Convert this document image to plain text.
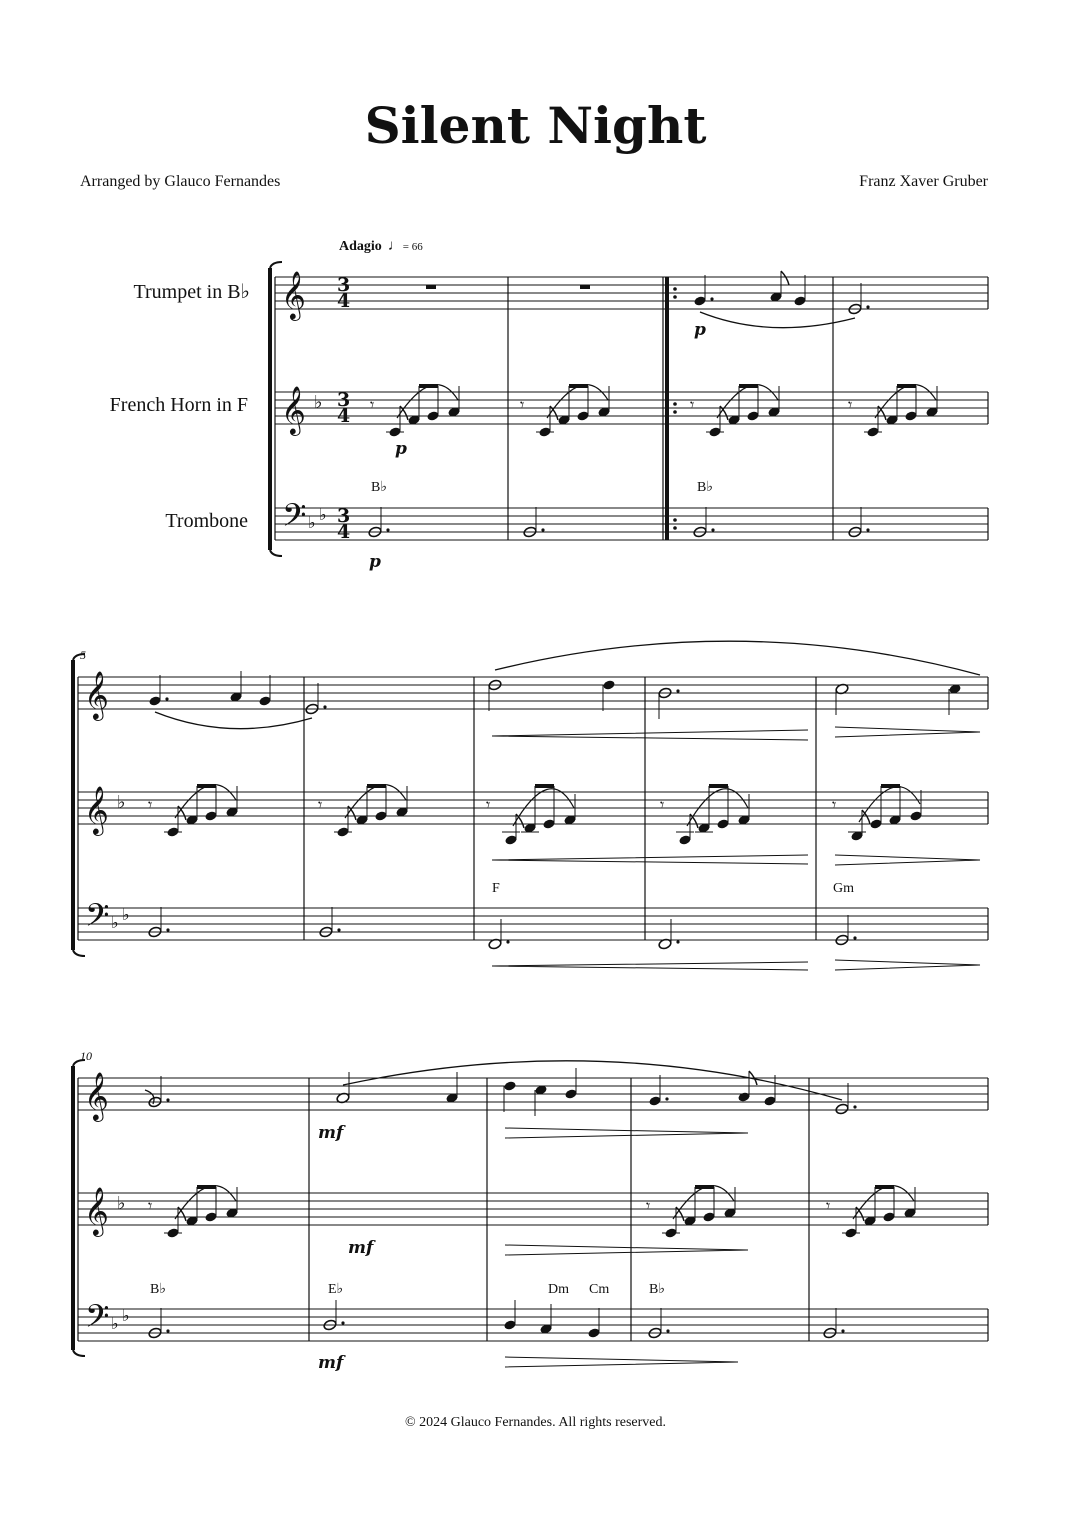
Silent Night
Arranged by Glauco Fernandes	Franz Xaver Gruber
Adagio ♩= 66
Trumpet in B♭
French Horn in F
Trombone
𝄞 3
4
𝄞 ♭ 3
4
𝄢 ♭ ♭ 3
4
B♭	B♭
p
p
p
5
𝄞
𝄞 ♭
𝄢 ♭ ♭
F	Gm
10
𝄞
𝄞 ♭
𝄢 ♭ ♭
B♭	E♭	Dm Cm	B♭
mf
mf
mf
𝄾	𝄾	𝄾	𝄾
𝄾	𝄾	𝄾	𝄾	𝄾
𝄾	𝄾	𝄾
© 2024 Glauco Fernandes. All rights reserved.
